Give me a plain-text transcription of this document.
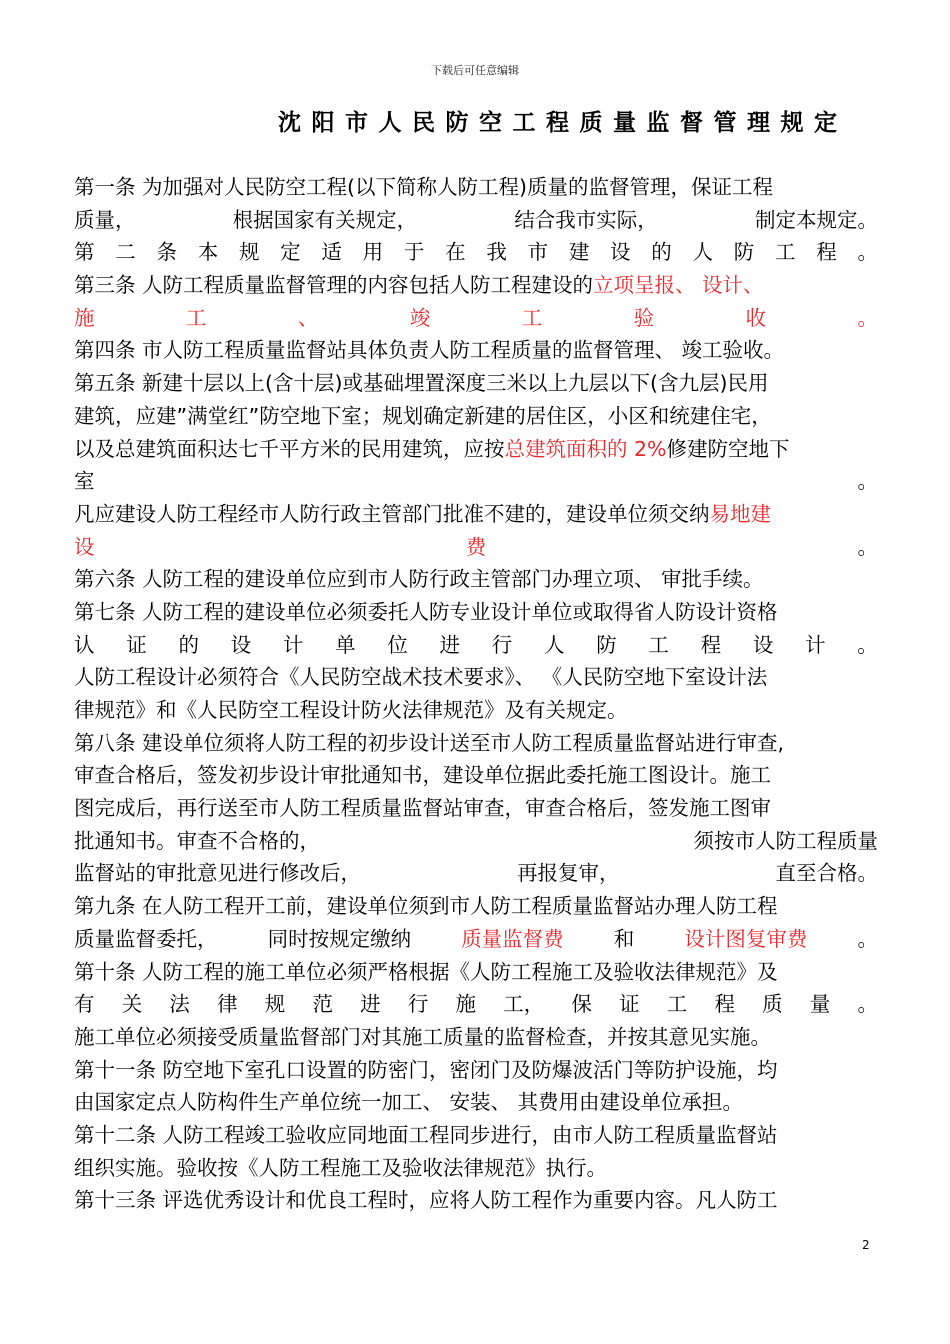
下载后可任意编辑
沈阳市人民防空工程质量监督管理规定
第一条 为加强对人民防空工程(以下简称人防工程)质量的监督管理，保证工程
质量，	根据国家有关规定，	结合我市实际，	制定本规定。
第 二 条 本 规 定 适 用 于 在 我 市 建 设 的 人 防 工 程 。
第三条 人防工程质量监督管理的内容包括人防工程建设的 立项呈报、 设计、
施	工	、	竣	工	验	收	。
第四条 市人防工程质量监督站具体负责人防工程质量的监督管理、 竣工验收。
第五条 新建十层以上(含十层)或基础埋置深度三米以上九层以下(含九层)民用
建筑，应建”满堂红”防空地下室；规划确定新建的居住区，小区和统建住宅，
以及总建筑面积达七千平方米的民用建筑，应按 总建筑面积的 2% 修建防空地下
室	。
凡应建设人防工程经市人防行政主管部门批准不建的，建设单位须交纳 易地建
设	费	。
第六条 人防工程的建设单位应到市人防行政主管部门办理立项、 审批手续。
第七条 人防工程的建设单位必须委托人防专业设计单位或取得省人防设计资格
认 证 的 设 计 单 位 进 行 人 防 工 程 设 计 。
人防工程设计必须符合《人民防空战术技术要求》、 《人民防空地下室设计法
律规范》和《人民防空工程设计防火法律规范》及有关规定。
第八条 建设单位须将人防工程的初步设计送至市人防工程质量监督站进行审查,
审查合格后，签发初步设计审批通知书，建设单位据此委托施工图设计。施工
图完成后，再行送至市人防工程质量监督站审查，审查合格后，签发施工图审
批通知书。审查不合格的，	须按市人防工程质量
监督站的审批意见进行修改后，	再报复审，	直至合格。
第九条 在人防工程开工前，建设单位须到市人防工程质量监督站办理人防工程
质量监督委托， 同时按规定缴纳 质量监督费 和 设计图复审费 。
第十条 人防工程的施工单位必须严格根据《人防工程施工及验收法律规范》及
有 关 法 律 规 范 进 行 施 工， 保 证 工 程 质 量 。
施工单位必须接受质量监督部门对其施工质量的监督检查，并按其意见实施。
第十一条 防空地下室孔口设置的防密门，密闭门及防爆波活门等防护设施，均
由国家定点人防构件生产单位统一加工、 安装、 其费用由建设单位承担。
第十二条 人防工程竣工验收应同地面工程同步进行，由市人防工程质量监督站
组织实施。验收按《人防工程施工及验收法律规范》执行。
第十三条 评选优秀设计和优良工程时，应将人防工程作为重要内容。凡人防工
2
